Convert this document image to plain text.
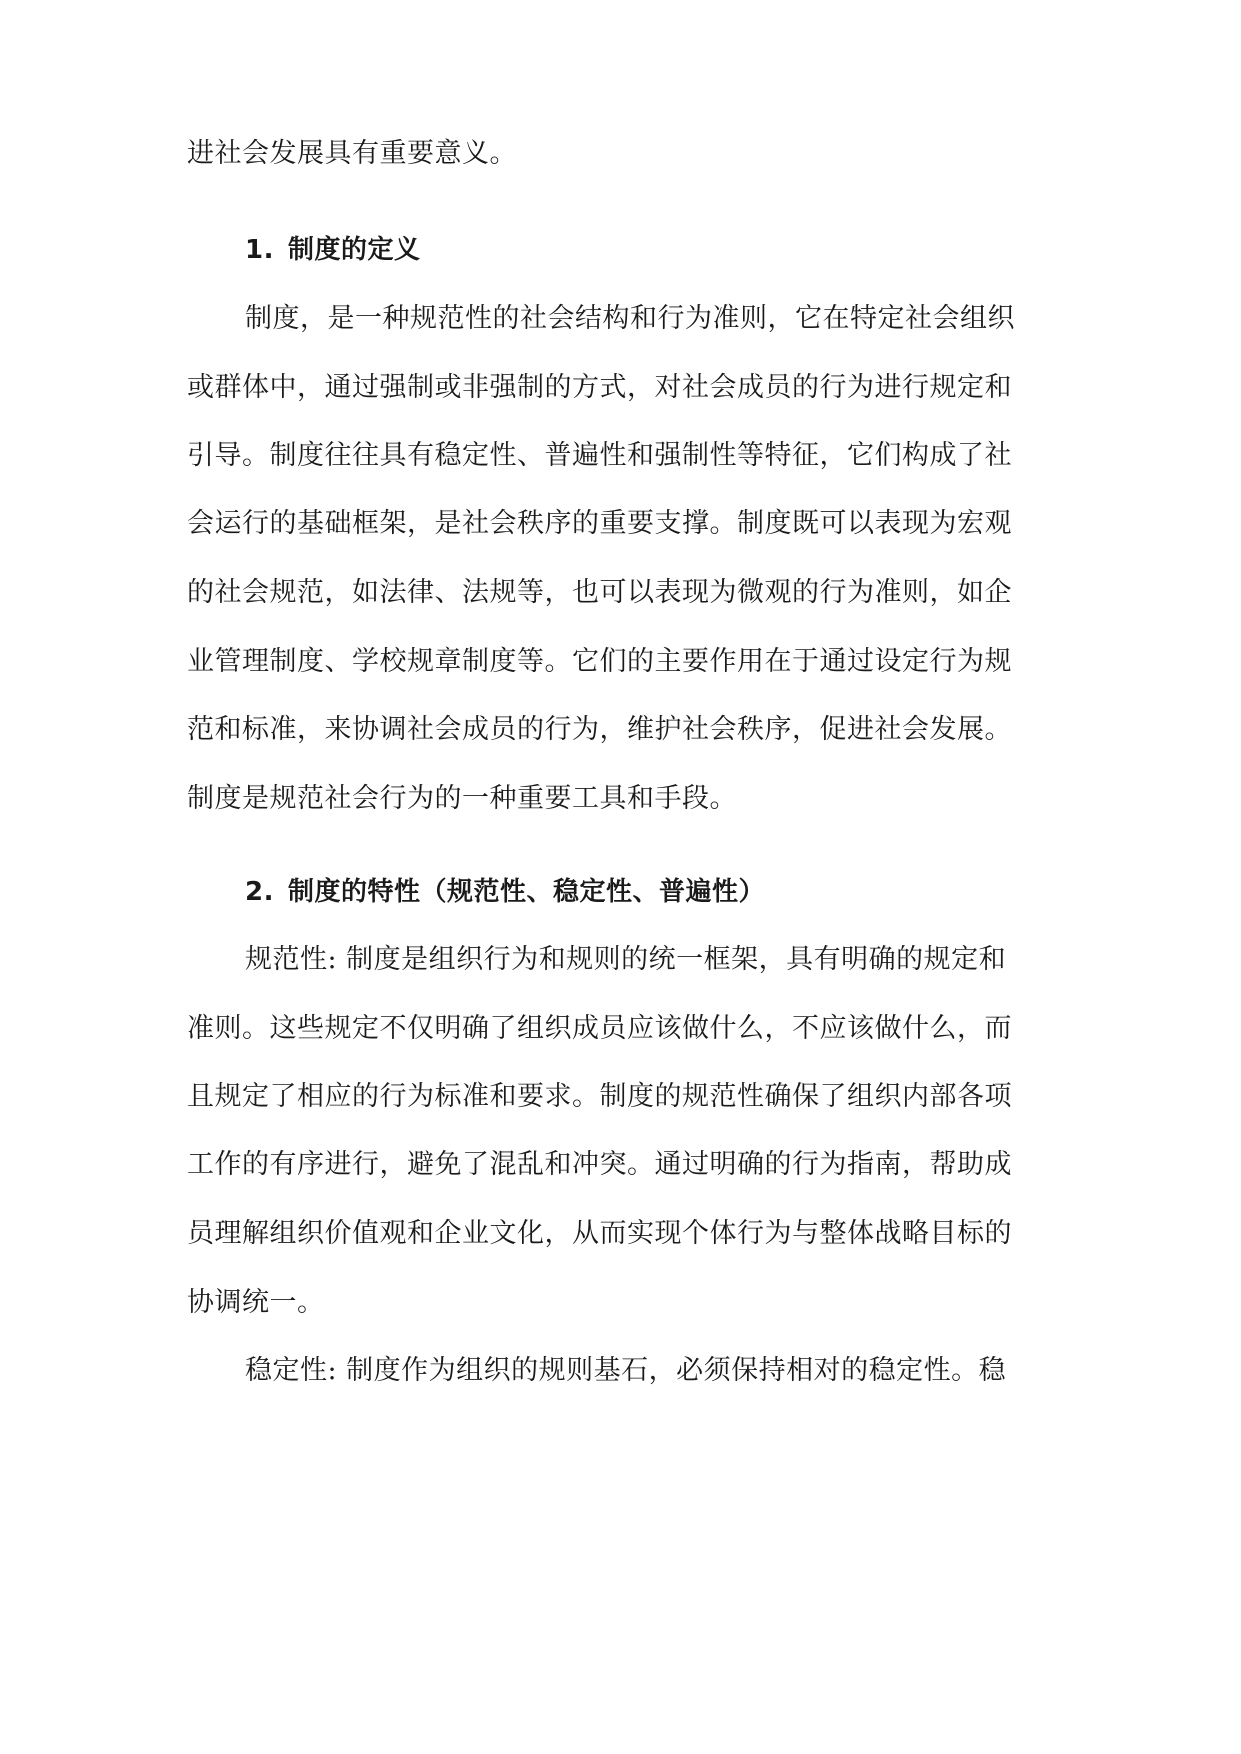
进社会发展具有重要意义。
1. 制度的定义
制度，是一种规范性的社会结构和行为准则，它在特定社会组织
或群体中，通过强制或非强制的方式，对社会成员的行为进行规定和
引导。制度往往具有稳定性、普遍性和强制性等特征，它们构成了社
会运行的基础框架，是社会秩序的重要支撑。制度既可以表现为宏观
的社会规范，如法律、法规等，也可以表现为微观的行为准则，如企
业管理制度、学校规章制度等。它们的主要作用在于通过设定行为规
范和标准，来协调社会成员的行为，维护社会秩序，促进社会发展。
制度是规范社会行为的一种重要工具和手段。
2. 制度的特性（规范性、稳定性、普遍性）
规范性: 制度是组织行为和规则的统一框架，具有明确的规定和
准则。这些规定不仅明确了组织成员应该做什么，不应该做什么，而
且规定了相应的行为标准和要求。制度的规范性确保了组织内部各项
工作的有序进行，避免了混乱和冲突。通过明确的行为指南，帮助成
员理解组织价值观和企业文化，从而实现个体行为与整体战略目标的
协调统一。
稳定性: 制度作为组织的规则基石，必须保持相对的稳定性。稳
